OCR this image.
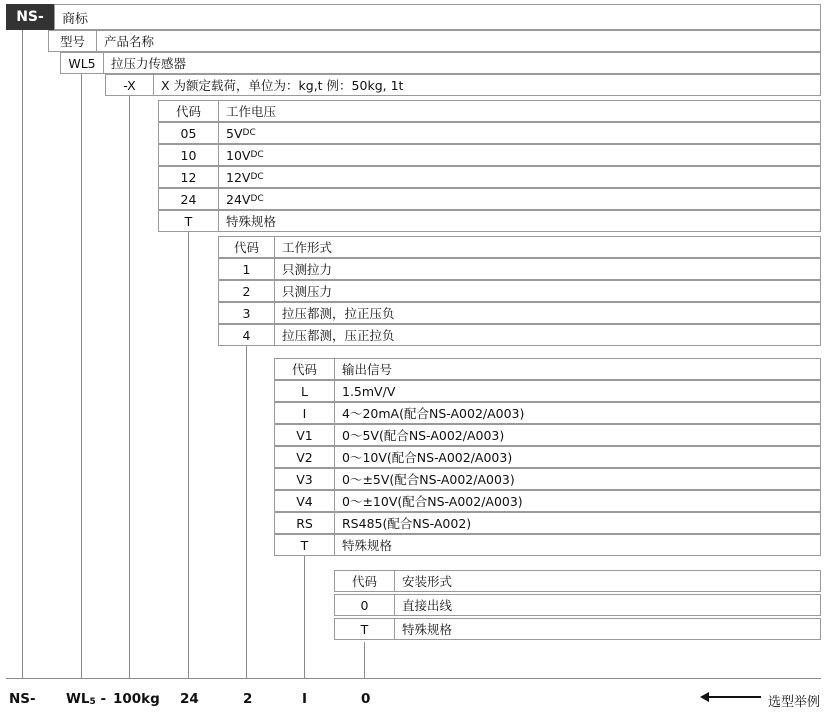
NS-	商标
型号	产品名称
WL5	拉压力传感器
-X	X 为额定载荷，单位为：kg,t 例：50kg, 1t
代码	工作电压
05	5V DC
10	10V DC
12	12V DC
24	24V DC
T	特殊规格
代码	工作形式
1	只测拉力
2	只测压力
3	拉压都测，拉正压负
4	拉压都测，压正拉负
代码	输出信号
L	1.5mV/V
I	4～20mA(配合NS-A002/A003)
V1	0～5V(配合NS-A002/A003)
V2	0～10V(配合NS-A002/A003)
V3	0～±5V(配合NS-A002/A003)
V4	0～±10V(配合NS-A002/A003)
RS	RS485(配合NS-A002)
T	特殊规格
代码	安装形式
0	直接出线
T	特殊规格
NS- WL5 - 100kg 24	2	I	0	选型举例
